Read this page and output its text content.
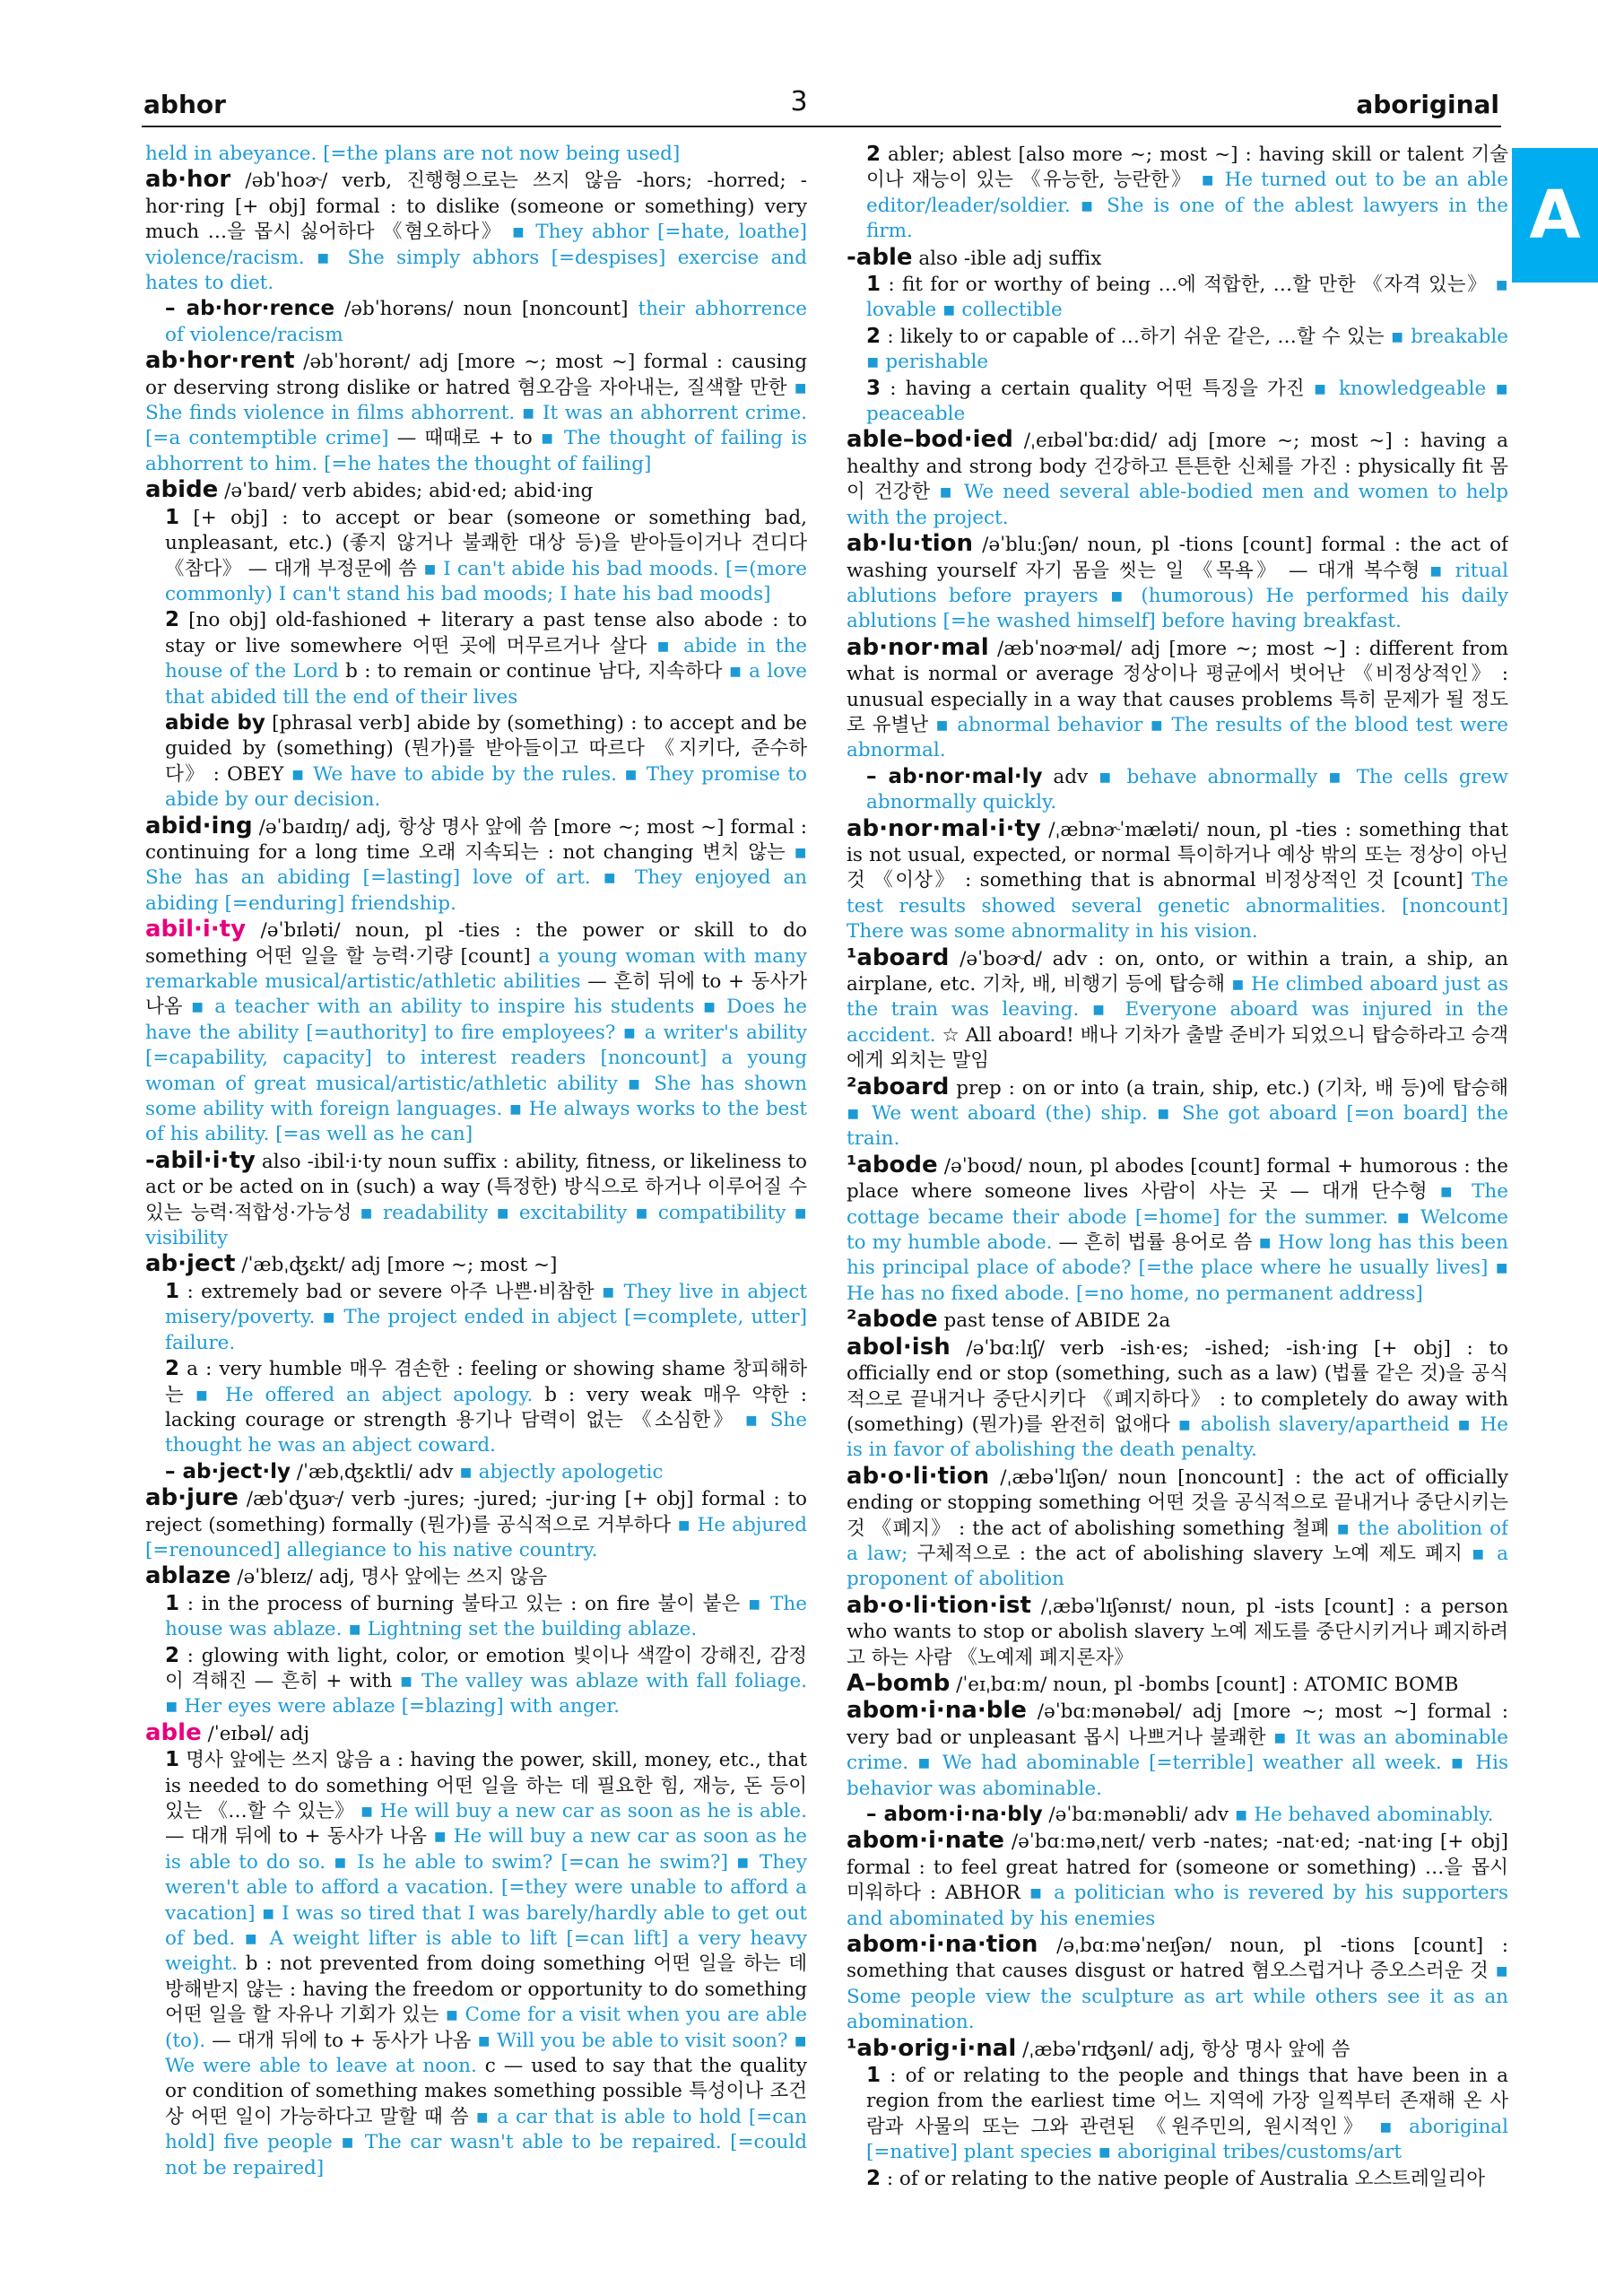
abhor	3	aboriginal
A

held in abeyance. [=the plans are not now being used]

ab·hor /əbˈhoɚ/ verb, 진행형으로는 쓰지 않음 -hors; -horred; -hor·ring [+ obj] formal : to dislike (someone or something) very much …을 몹시 싫어하다 《혐오하다》 ▪ They abhor [=hate, loathe] violence/racism. ▪ She simply abhors [=despises] exercise and hates to diet.

– ab·hor·rence /əbˈhorəns/ noun [noncount] their abhorrence of violence/racism

ab·hor·rent /əbˈhorənt/ adj [more ~; most ~] formal : causing or deserving strong dislike or hatred 혐오감을 자아내는, 질색할 만한 ▪ She finds violence in films abhorrent. ▪ It was an abhorrent crime. [=a contemptible crime] — 때때로 + to ▪ The thought of failing is abhorrent to him. [=he hates the thought of failing]

abide /əˈbaɪd/ verb abides; abid·ed; abid·ing

1 [+ obj] : to accept or bear (someone or something bad, unpleasant, etc.) (좋지 않거나 불쾌한 대상 등)을 받아들이거나 견디다 《참다》 — 대개 부정문에 씀 ▪ I can't abide his bad moods. [=(more commonly) I can't stand his bad moods; I hate his bad moods]

2 [no obj] old-fashioned + literary a past tense also abode : to stay or live somewhere 어떤 곳에 머무르거나 살다 ▪ abide in the house of the Lord b : to remain or continue 남다, 지속하다 ▪ a love that abided till the end of their lives

abide by [phrasal verb] abide by (something) : to accept and be guided by (something) (뭔가)를 받아들이고 따르다 《지키다, 준수하다》 : OBEY ▪ We have to abide by the rules. ▪ They promise to abide by our decision.

abid·ing /əˈbaɪdɪŋ/ adj, 항상 명사 앞에 씀 [more ~; most ~] formal : continuing for a long time 오래 지속되는 : not changing 변치 않는 ▪ She has an abiding [=lasting] love of art. ▪ They enjoyed an abiding [=enduring] friendship.

abil·i·ty /əˈbɪləti/ noun, pl -ties : the power or skill to do something 어떤 일을 할 능력·기량 [count] a young woman with many remarkable musical/artistic/athletic abilities — 흔히 뒤에 to + 동사가 나옴 ▪ a teacher with an ability to inspire his students ▪ Does he have the ability [=authority] to fire employees? ▪ a writer's ability [=capability, capacity] to interest readers [noncount] a young woman of great musical/artistic/athletic ability ▪ She has shown some ability with foreign languages. ▪ He always works to the best of his ability. [=as well as he can]

-abil·i·ty also -ibil·i·ty noun suffix : ability, fitness, or likeliness to act or be acted on in (such) a way (특정한) 방식으로 하거나 이루어질 수 있는 능력·적합성·가능성 ▪ readability ▪ excitability ▪ compatibility ▪ visibility

ab·ject /ˈæbˌʤɛkt/ adj [more ~; most ~]

1 : extremely bad or severe 아주 나쁜·비참한 ▪ They live in abject misery/poverty. ▪ The project ended in abject [=complete, utter] failure.

2 a : very humble 매우 겸손한 : feeling or showing shame 창피해하는 ▪ He offered an abject apology. b : very weak 매우 약한 : lacking courage or strength 용기나 담력이 없는 《소심한》 ▪ She thought he was an abject coward.

– ab·ject·ly /ˈæbˌʤɛktli/ adv ▪ abjectly apologetic

ab·jure /æbˈʤuɚ/ verb -jures; -jured; -jur·ing [+ obj] formal : to reject (something) formally (뭔가)를 공식적으로 거부하다 ▪ He abjured [=renounced] allegiance to his native country.

ablaze /əˈbleɪz/ adj, 명사 앞에는 쓰지 않음

1 : in the process of burning 불타고 있는 : on fire 불이 붙은 ▪ The house was ablaze. ▪ Lightning set the building ablaze.

2 : glowing with light, color, or emotion 빛이나 색깔이 강해진, 감정이 격해진 — 흔히 + with ▪ The valley was ablaze with fall foliage. ▪ Her eyes were ablaze [=blazing] with anger.

able /ˈeɪbəl/ adj

1 명사 앞에는 쓰지 않음 a : having the power, skill, money, etc., that is needed to do something 어떤 일을 하는 데 필요한 힘, 재능, 돈 등이 있는 《…할 수 있는》 ▪ He will buy a new car as soon as he is able. — 대개 뒤에 to + 동사가 나옴 ▪ He will buy a new car as soon as he is able to do so. ▪ Is he able to swim? [=can he swim?] ▪ They weren't able to afford a vacation. [=they were unable to afford a vacation] ▪ I was so tired that I was barely/hardly able to get out of bed. ▪ A weight lifter is able to lift [=can lift] a very heavy weight. b : not prevented from doing something 어떤 일을 하는 데 방해받지 않는 : having the freedom or opportunity to do something 어떤 일을 할 자유나 기회가 있는 ▪ Come for a visit when you are able (to). — 대개 뒤에 to + 동사가 나옴 ▪ Will you be able to visit soon? ▪ We were able to leave at noon. c — used to say that the quality or condition of something makes something possible 특성이나 조건상 어떤 일이 가능하다고 말할 때 씀 ▪ a car that is able to hold [=can hold] five people ▪ The car wasn't able to be repaired. [=could not be repaired]

2 abler; ablest [also more ~; most ~] : having skill or talent 기술이나 재능이 있는 《유능한, 능란한》 ▪ He turned out to be an able editor/leader/soldier. ▪ She is one of the ablest lawyers in the firm.

-able also -ible adj suffix

1 : fit for or worthy of being …에 적합한, …할 만한 《자격 있는》 ▪ lovable ▪ collectible

2 : likely to or capable of …하기 쉬운 같은, …할 수 있는 ▪ breakable ▪ perishable

3 : having a certain quality 어떤 특징을 가진 ▪ knowledgeable ▪ peaceable

able–bod·ied /ˌeɪbəlˈbɑːdid/ adj [more ~; most ~] : having a healthy and strong body 건강하고 튼튼한 신체를 가진 : physically fit 몸이 건강한 ▪ We need several able-bodied men and women to help with the project.

ab·lu·tion /əˈbluːʃən/ noun, pl -tions [count] formal : the act of washing yourself 자기 몸을 씻는 일 《목욕》 — 대개 복수형 ▪ ritual ablutions before prayers ▪ (humorous) He performed his daily ablutions [=he washed himself] before having breakfast.

ab·nor·mal /æbˈnoɚməl/ adj [more ~; most ~] : different from what is normal or average 정상이나 평균에서 벗어난 《비정상적인》 : unusual especially in a way that causes problems 특히 문제가 될 정도로 유별난 ▪ abnormal behavior ▪ The results of the blood test were abnormal.

– ab·nor·mal·ly adv ▪ behave abnormally ▪ The cells grew abnormally quickly.

ab·nor·mal·i·ty /ˌæbnɚˈmæləti/ noun, pl -ties : something that is not usual, expected, or normal 특이하거나 예상 밖의 또는 정상이 아닌 것 《이상》 : something that is abnormal 비정상적인 것 [count] The test results showed several genetic abnormalities. [noncount] There was some abnormality in his vision.

¹aboard /əˈboɚd/ adv : on, onto, or within a train, a ship, an airplane, etc. 기차, 배, 비행기 등에 탑승해 ▪ He climbed aboard just as the train was leaving. ▪ Everyone aboard was injured in the accident. ☆ All aboard! 배나 기차가 출발 준비가 되었으니 탑승하라고 승객에게 외치는 말임

²aboard prep : on or into (a train, ship, etc.) (기차, 배 등)에 탑승해 ▪ We went aboard (the) ship. ▪ She got aboard [=on board] the train.

¹abode /əˈboʊd/ noun, pl abodes [count] formal + humorous : the place where someone lives 사람이 사는 곳 — 대개 단수형 ▪ The cottage became their abode [=home] for the summer. ▪ Welcome to my humble abode. — 흔히 법률 용어로 씀 ▪ How long has this been his principal place of abode? [=the place where he usually lives] ▪ He has no fixed abode. [=no home, no permanent address]

²abode past tense of ABIDE 2a

abol·ish /əˈbɑːlɪʃ/ verb -ish·es; -ished; -ish·ing [+ obj] : to officially end or stop (something, such as a law) (법률 같은 것)을 공식적으로 끝내거나 중단시키다 《폐지하다》 : to completely do away with (something) (뭔가)를 완전히 없애다 ▪ abolish slavery/apartheid ▪ He is in favor of abolishing the death penalty.

ab·o·li·tion /ˌæbəˈlɪʃən/ noun [noncount] : the act of officially ending or stopping something 어떤 것을 공식적으로 끝내거나 중단시키는 것 《폐지》 : the act of abolishing something 철폐 ▪ the abolition of a law; 구체적으로 : the act of abolishing slavery 노예 제도 폐지 ▪ a proponent of abolition

ab·o·li·tion·ist /ˌæbəˈlɪʃənɪst/ noun, pl -ists [count] : a person who wants to stop or abolish slavery 노예 제도를 중단시키거나 폐지하려고 하는 사람 《노예제 폐지론자》

A–bomb /ˈeɪˌbɑːm/ noun, pl -bombs [count] : ATOMIC BOMB

abom·i·na·ble /əˈbɑːmənəbəl/ adj [more ~; most ~] formal : very bad or unpleasant 몹시 나쁘거나 불쾌한 ▪ It was an abominable crime. ▪ We had abominable [=terrible] weather all week. ▪ His behavior was abominable.

– abom·i·na·bly /əˈbɑːmənəbli/ adv ▪ He behaved abominably.

abom·i·nate /əˈbɑːməˌneɪt/ verb -nates; -nat·ed; -nat·ing [+ obj] formal : to feel great hatred for (someone or something) …을 몹시 미워하다 : ABHOR ▪ a politician who is revered by his supporters and abominated by his enemies

abom·i·na·tion /əˌbɑːməˈneɪʃən/ noun, pl -tions [count] : something that causes disgust or hatred 혐오스럽거나 증오스러운 것 ▪ Some people view the sculpture as art while others see it as an abomination.

¹ab·orig·i·nal /ˌæbəˈrɪʤənl/ adj, 항상 명사 앞에 씀

1 : of or relating to the people and things that have been in a region from the earliest time 어느 지역에 가장 일찍부터 존재해 온 사람과 사물의 또는 그와 관련된 《원주민의, 원시적인》 ▪ aboriginal [=native] plant species ▪ aboriginal tribes/customs/art

2 : of or relating to the native people of Australia 오스트레일리아
